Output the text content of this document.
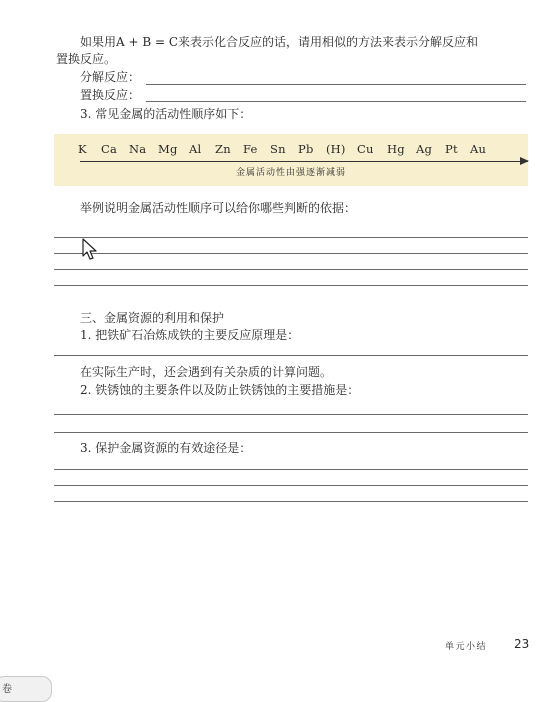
如果用A + B = C来表示化合反应的话，请用相似的方法来表示分解反应和
置换反应。
分解反应：
置换反应：
3. 常见金属的活动性顺序如下：
K Ca Na Mg Al Zn Fe Sn Pb (H) Cu Hg Ag Pt Au
金属活动性由强逐渐减弱
举例说明金属活动性顺序可以给你哪些判断的依据：
三、金属资源的利用和保护
1. 把铁矿石冶炼成铁的主要反应原理是：
在实际生产时，还会遇到有关杂质的计算问题。
2. 铁锈蚀的主要条件以及防止铁锈蚀的主要措施是：
3. 保护金属资源的有效途径是：
单元小结 23
卷
